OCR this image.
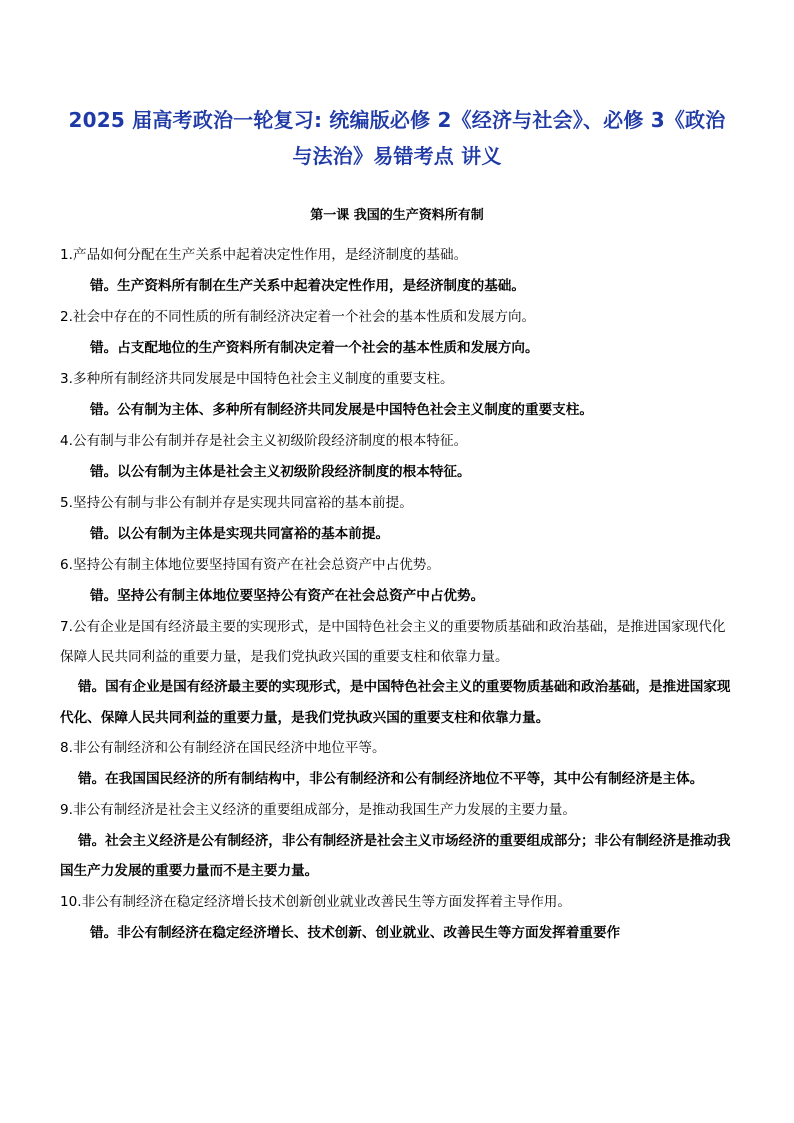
2025 届高考政治一轮复习: 统编版必修 2《经济与社会》、必修 3《政治与法治》易错考点 讲义
第一课 我国的生产资料所有制
1.产品如何分配在生产关系中起着决定性作用，是经济制度的基础。
错。生产资料所有制在生产关系中起着决定性作用，是经济制度的基础。
2.社会中存在的不同性质的所有制经济决定着一个社会的基本性质和发展方向。
错。占支配地位的生产资料所有制决定着一个社会的基本性质和发展方向。
3.多种所有制经济共同发展是中国特色社会主义制度的重要支柱。
错。公有制为主体、多种所有制经济共同发展是中国特色社会主义制度的重要支柱。
4.公有制与非公有制并存是社会主义初级阶段经济制度的根本特征。
错。以公有制为主体是社会主义初级阶段经济制度的根本特征。
5.坚持公有制与非公有制并存是实现共同富裕的基本前提。
错。以公有制为主体是实现共同富裕的基本前提。
6.坚持公有制主体地位要坚持国有资产在社会总资产中占优势。
错。坚持公有制主体地位要坚持公有资产在社会总资产中占优势。
7.公有企业是国有经济最主要的实现形式，是中国特色社会主义的重要物质基础和政治基础，是推进国家现代化保障人民共同利益的重要力量，是我们党执政兴国的重要支柱和依靠力量。
错。国有企业是国有经济最主要的实现形式，是中国特色社会主义的重要物质基础和政治基础，是推进国家现代化、保障人民共同利益的重要力量，是我们党执政兴国的重要支柱和依靠力量。
8.非公有制经济和公有制经济在国民经济中地位平等。
错。在我国国民经济的所有制结构中，非公有制经济和公有制经济地位不平等，其中公有制经济是主体。
9.非公有制经济是社会主义经济的重要组成部分，是推动我国生产力发展的主要力量。
错。社会主义经济是公有制经济，非公有制经济是社会主义市场经济的重要组成部分；非公有制经济是推动我国生产力发展的重要力量而不是主要力量。
10.非公有制经济在稳定经济增长技术创新创业就业改善民生等方面发挥着主导作用。
错。非公有制经济在稳定经济增长、技术创新、创业就业、改善民生等方面发挥着重要作
